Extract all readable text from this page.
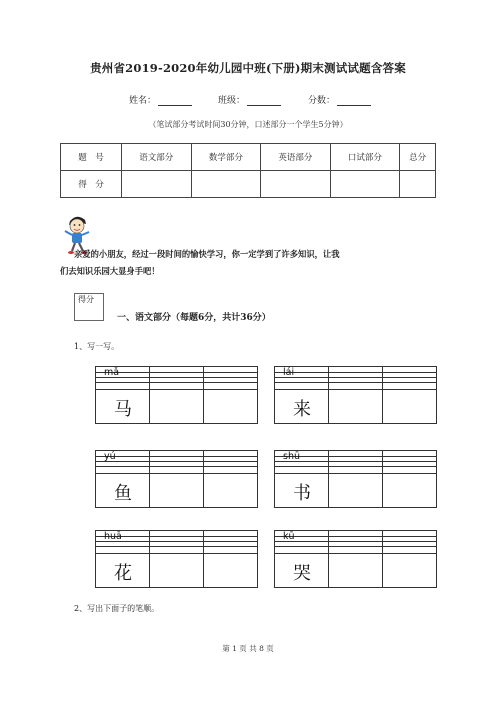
贵州省2019-2020年幼儿园中班(下册)期末测试试题含答案
姓名：	班级：	分数：
（笔试部分考试时间30分钟，口述部分一个学生5分钟）
题　号	语文部分	数学部分	英语部分	口试部分	总分
得　分					
亲爱的小朋友，经过一段时间的愉快学习，你一定学到了许多知识，让我
们去知识乐园大显身手吧！
得分
一、语文部分（每题6分，共计36分）
1、写一写。
mǎ
马
lái
来
yú
鱼
shū
书
huā
花
kū
哭
2、写出下面子的笔顺。
第 1 页 共 8 页
